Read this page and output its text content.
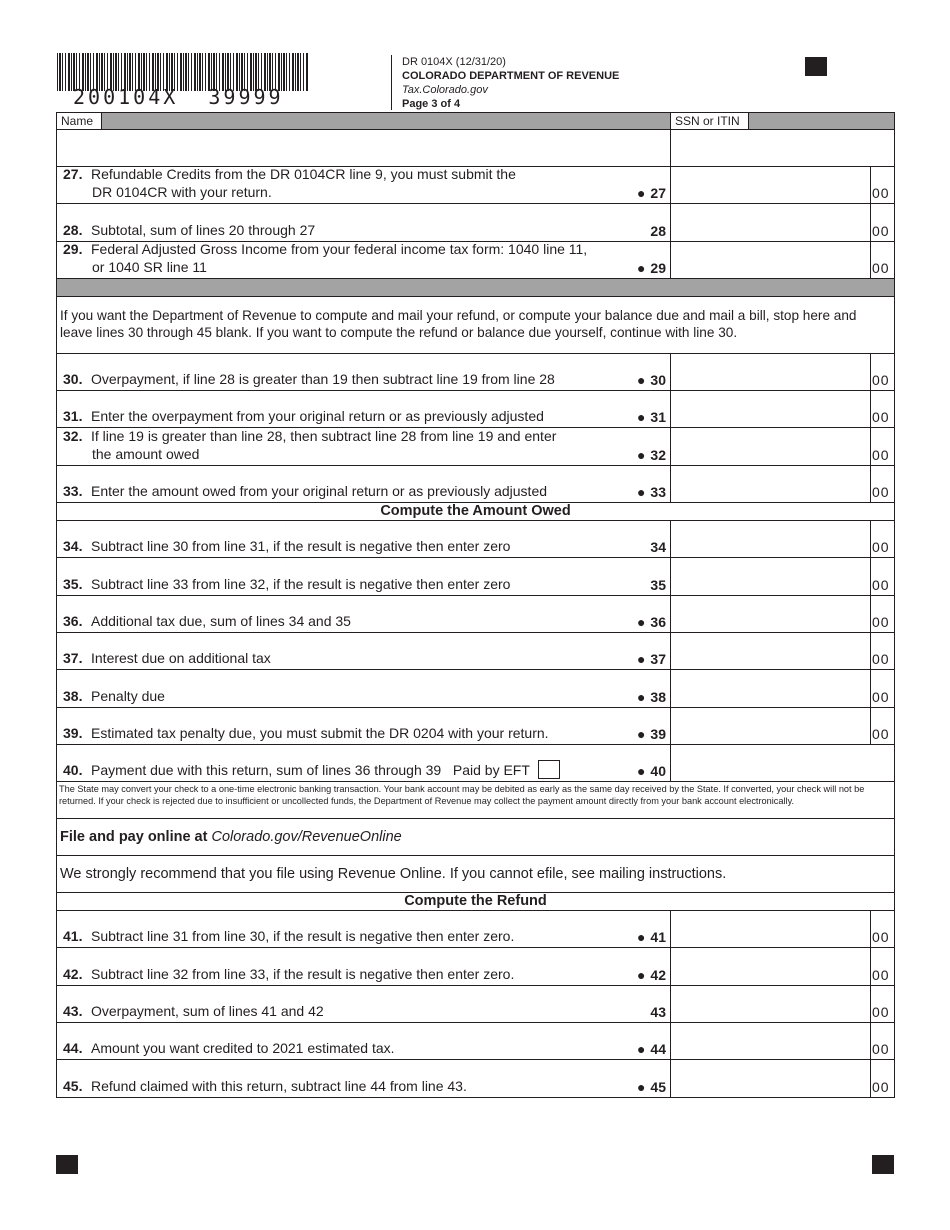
200104X  39999
DR 0104X (12/31/20)
COLORADO DEPARTMENT OF REVENUE
Tax.Colorado.gov
Page 3 of 4
Name	SSN or ITIN
27. Refundable Credits from the DR 0104CR line 9, you must submit the
DR 0104CR with your return.	● 27	00
28. Subtotal, sum of lines 20 through 27	28	00
29. Federal Adjusted Gross Income from your federal income tax form: 1040 line 11,
or 1040 SR line 11	● 29	00
If you want the Department of Revenue to compute and mail your refund, or compute your balance due and mail a bill, stop here and leave lines 30 through 45 blank. If you want to compute the refund or balance due yourself, continue with line 30.
30. Overpayment, if line 28 is greater than 19 then subtract line 19 from line 28	● 30	00
31. Enter the overpayment from your original return or as previously adjusted	● 31	00
32. If line 19 is greater than line 28, then subtract line 28 from line 19 and enter
the amount owed	● 32	00
33. Enter the amount owed from your original return or as previously adjusted	● 33	00
Compute the Amount Owed
34. Subtract line 30 from line 31, if the result is negative then enter zero	34	00
35. Subtract line 33 from line 32, if the result is negative then enter zero	35	00
36. Additional tax due, sum of lines 34 and 35	● 36	00
37. Interest due on additional tax	● 37	00
38. Penalty due	● 38	00
39. Estimated tax penalty due, you must submit the DR 0204 with your return.	● 39	00
40. Payment due with this return, sum of lines 36 through 39 Paid by EFT	● 40
The State may convert your check to a one-time electronic banking transaction. Your bank account may be debited as early as the same day received by the State. If converted, your check will not be returned. If your check is rejected due to insufficient or uncollected funds, the Department of Revenue may collect the payment amount directly from your bank account electronically.
File and pay online at Colorado.gov/RevenueOnline
We strongly recommend that you file using Revenue Online. If you cannot efile, see mailing instructions.
Compute the Refund
41. Subtract line 31 from line 30, if the result is negative then enter zero.	● 41	00
42. Subtract line 32 from line 33, if the result is negative then enter zero.	● 42	00
43. Overpayment, sum of lines 41 and 42	43	00
44. Amount you want credited to 2021 estimated tax.	● 44	00
45. Refund claimed with this return, subtract line 44 from line 43.	● 45	00
